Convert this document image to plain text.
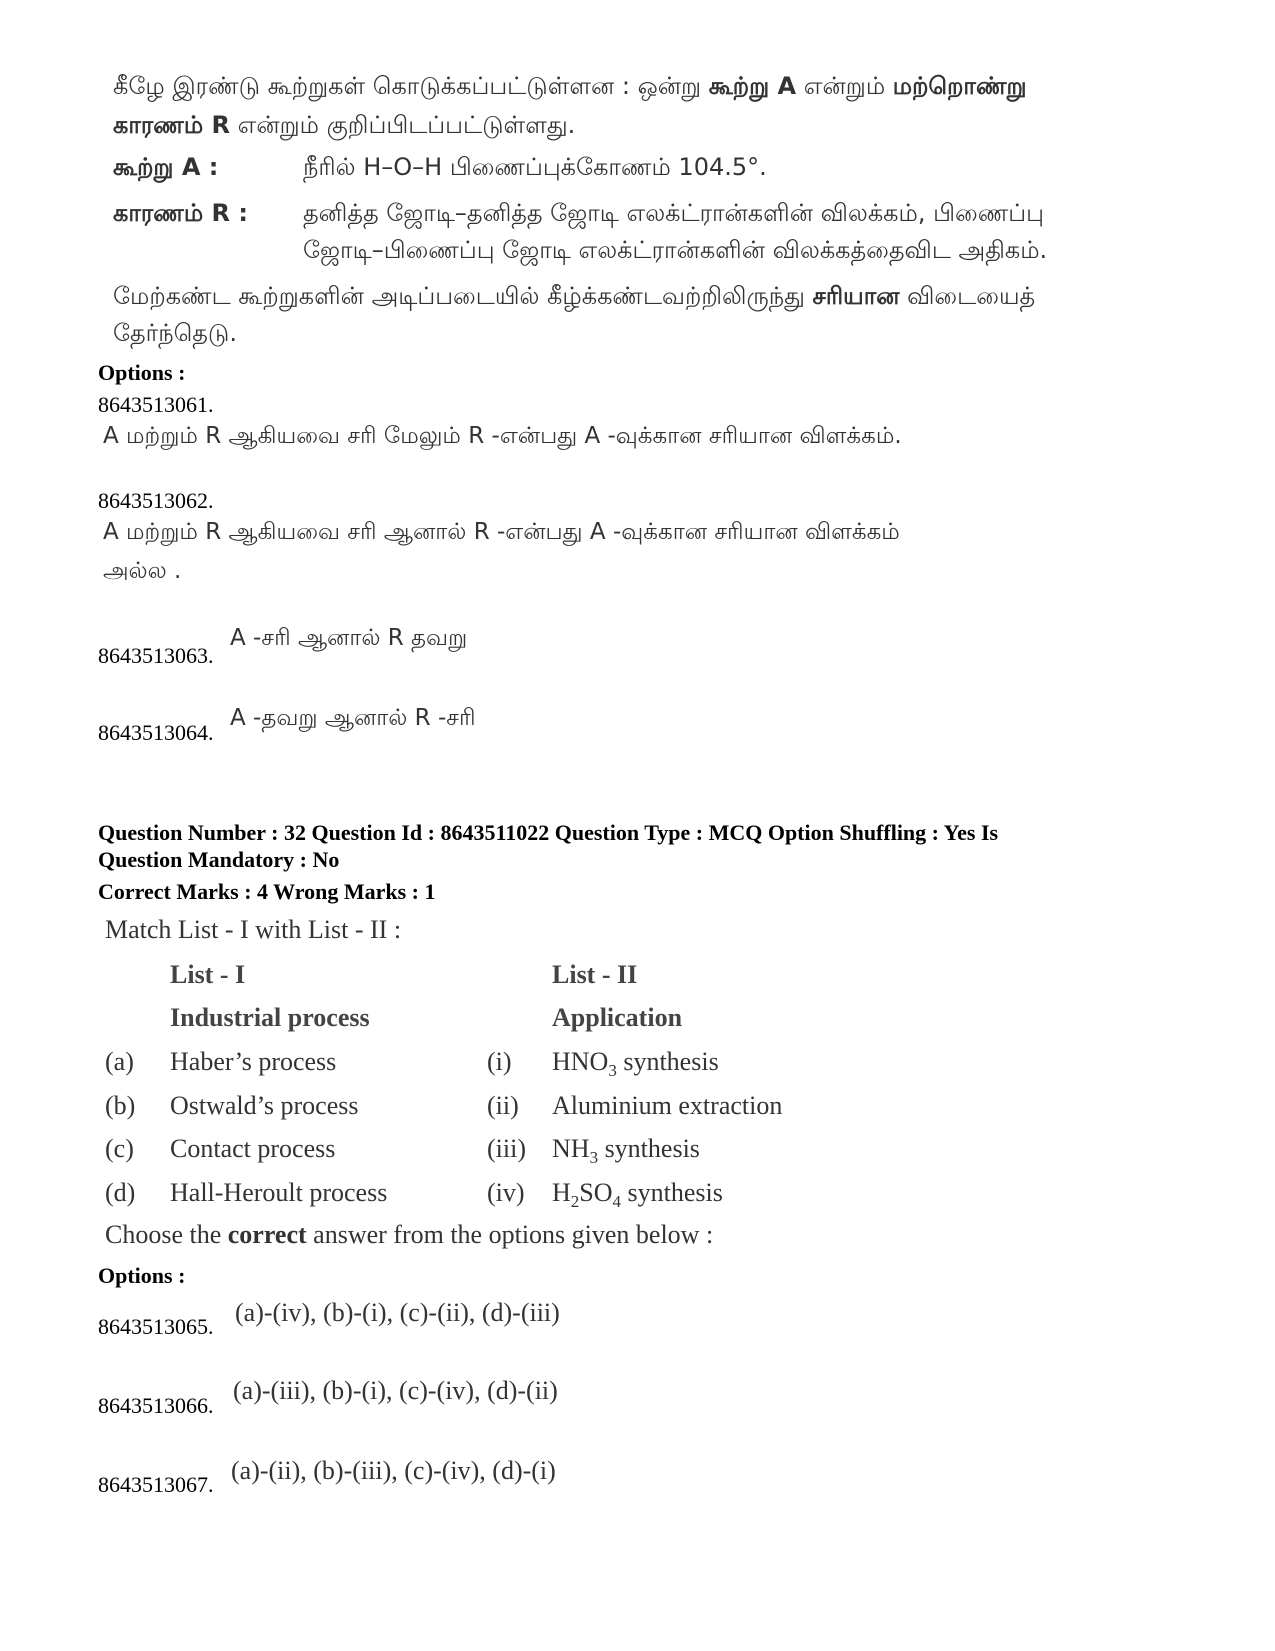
கீழே இரண்டு கூற்றுகள் கொடுக்கப்பட்டுள்ளன : ஒன்று கூற்று A என்றும் மற்றொண்று
காரணம் R என்றும் குறிப்பிடப்பட்டுள்ளது.
கூற்று A :	நீரில் H–O–H பிணைப்புக்கோணம் 104.5°.
காரணம் R : தனித்த ஜோடி–தனித்த ஜோடி எலக்ட்ரான்களின் விலக்கம், பிணைப்பு
ஜோடி–பிணைப்பு ஜோடி எலக்ட்ரான்களின் விலக்கத்தைவிட அதிகம்.
மேற்கண்ட கூற்றுகளின் அடிப்படையில் கீழ்க்கண்டவற்றிலிருந்து சரியான விடையைத்
தேர்ந்தெடு.
Options :
8643513061.
A மற்றும் R ஆகியவை சரி மேலும் R -என்பது A -வுக்கான சரியான விளக்கம்.
8643513062.
A மற்றும் R ஆகியவை சரி ஆனால் R -என்பது A -வுக்கான சரியான விளக்கம்
அல்ல .
8643513063.
A -சரி ஆனால் R தவறு
8643513064.
A -தவறு ஆனால் R -சரி
Question Number : 32 Question Id : 8643511022 Question Type : MCQ Option Shuffling : Yes Is
Question Mandatory : No
Correct Marks : 4 Wrong Marks : 1
Match List - I with List - II :
List - I	List - II
Industrial process	Application
(a) Haber’s process	(i) $HNO_3$ synthesis
(b) Ostwald’s process	(ii) Aluminium extraction
(c) Contact process	(iii) $NH_3$ synthesis
(d) Hall-Heroult process	(iv) $H_2SO_4$ synthesis
Choose the correct answer from the options given below :
Options :
8643513065. (a)-(iv), (b)-(i), (c)-(ii), (d)-(iii)
8643513066.
(a)-(iii), (b)-(i), (c)-(iv), (d)-(ii)
8643513067. (a)-(ii), (b)-(iii), (c)-(iv), (d)-(i)
